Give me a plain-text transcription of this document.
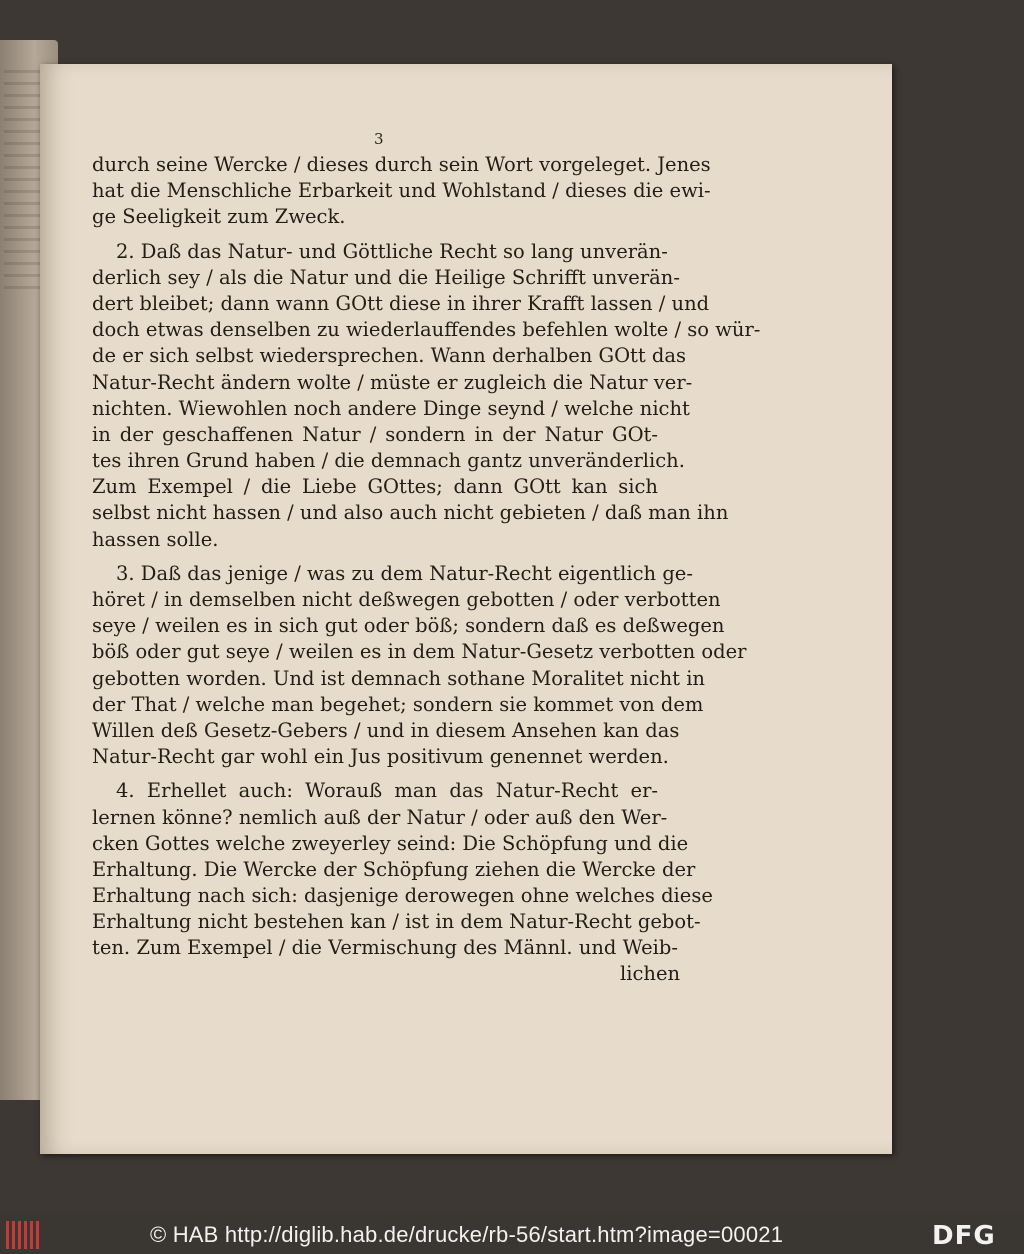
3
durch seine Wercke / dieses durch sein Wort vorgeleget. Jenes
hat die Menschliche Erbarkeit und Wohlstand / dieses die ewi-
ge Seeligkeit zum Zweck.
2. Daß das Natur- und Göttliche Recht so lang unverän-
derlich sey / als die Natur und die Heilige Schrifft unverän-
dert bleibet; dann wann GOtt diese in ihrer Krafft lassen / und
doch etwas denselben zu wiederlauffendes befehlen wolte / so wür-
de er sich selbst wiedersprechen. Wann derhalben GOtt das
Natur-Recht ändern wolte / müste er zugleich die Natur ver-
nichten. Wiewohlen noch andere Dinge seynd / welche nicht
in der geschaffenen Natur / sondern in der Natur GOt-
tes ihren Grund haben / die demnach gantz unveränderlich.
Zum Exempel / die Liebe GOttes; dann GOtt kan sich
selbst nicht hassen / und also auch nicht gebieten / daß man ihn
hassen solle.
3. Daß das jenige / was zu dem Natur-Recht eigentlich ge-
höret / in demselben nicht deßwegen gebotten / oder verbotten
seye / weilen es in sich gut oder böß; sondern daß es deßwegen
böß oder gut seye / weilen es in dem Natur-Gesetz verbotten oder
gebotten worden. Und ist demnach sothane Moralitet nicht in
der That / welche man begehet; sondern sie kommet von dem
Willen deß Gesetz-Gebers / und in diesem Ansehen kan das
Natur-Recht gar wohl ein Jus positivum genennet werden.
4. Erhellet auch: Worauß man das Natur-Recht er-
lernen könne? nemlich auß der Natur / oder auß den Wer-
cken Gottes welche zweyerley seind: Die Schöpfung und die
Erhaltung. Die Wercke der Schöpfung ziehen die Wercke der
Erhaltung nach sich: dasjenige derowegen ohne welches diese
Erhaltung nicht bestehen kan / ist in dem Natur-Recht gebot-
ten. Zum Exempel / die Vermischung des Männl. und Weib-
lichen
© HAB http://diglib.hab.de/drucke/rb-56/start.htm?image=00021	DFG
